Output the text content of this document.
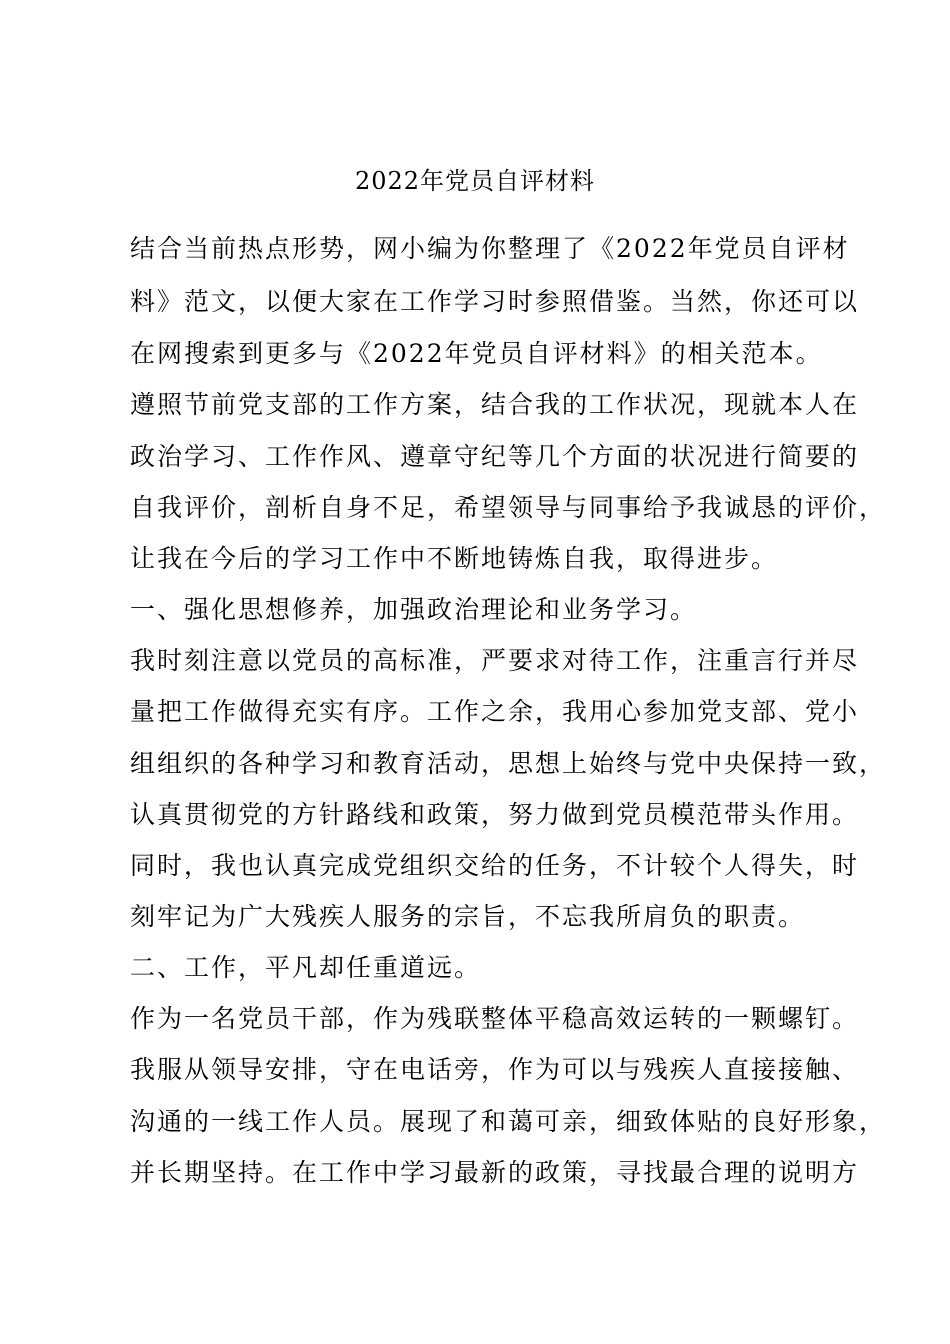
2022年党员自评材料
结合当前热点形势，网小编为你整理了《2022年党员自评材
料》范文，以便大家在工作学习时参照借鉴。当然，你还可以
在网搜索到更多与《2022年党员自评材料》的相关范本。
遵照节前党支部的工作方案，结合我的工作状况，现就本人在
政治学习、工作作风、遵章守纪等几个方面的状况进行简要的
自我评价，剖析自身不足，希望领导与同事给予我诚恳的评价，
让我在今后的学习工作中不断地铸炼自我，取得进步。
一、强化思想修养，加强政治理论和业务学习。
我时刻注意以党员的高标准，严要求对待工作，注重言行并尽
量把工作做得充实有序。工作之余，我用心参加党支部、党小
组组织的各种学习和教育活动，思想上始终与党中央保持一致，
认真贯彻党的方针路线和政策，努力做到党员模范带头作用。
同时，我也认真完成党组织交给的任务，不计较个人得失，时
刻牢记为广大残疾人服务的宗旨，不忘我所肩负的职责。
二、工作，平凡却任重道远。
作为一名党员干部，作为残联整体平稳高效运转的一颗螺钉。
我服从领导安排，守在电话旁，作为可以与残疾人直接接触、
沟通的一线工作人员。展现了和蔼可亲，细致体贴的良好形象，
并长期坚持。在工作中学习最新的政策，寻找最合理的说明方
